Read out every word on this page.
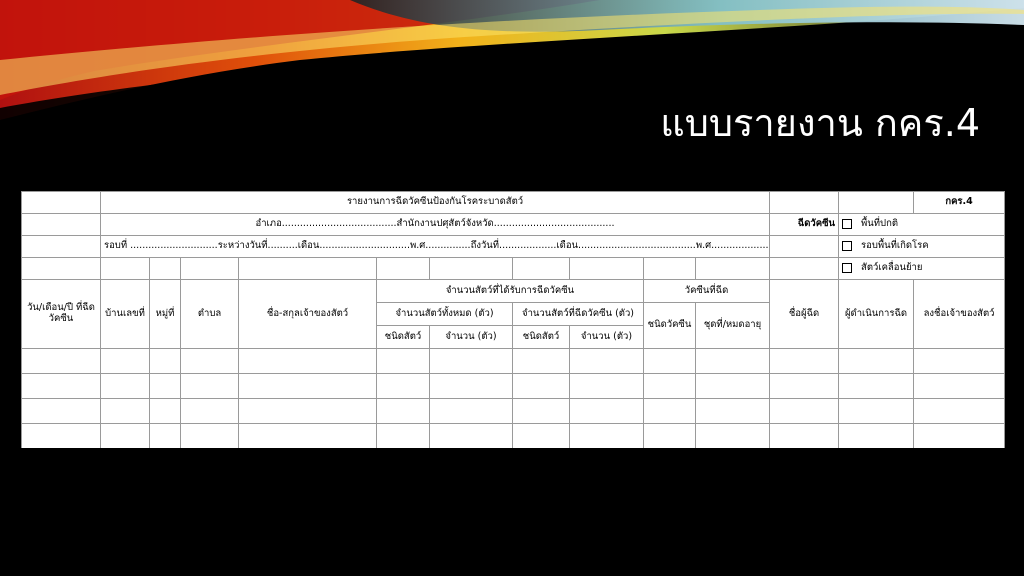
แบบรายงาน กคร.4
	รายงานการฉีดวัคซีนป้องกันโรคระบาดสัตว์												กคร.4
	อำเภอ......................................สำนักงานปศุสัตว์จังหวัด........................................										ฉีดวัคซีน	พื้นที่ปกติ	

	รอบที่ .............................ระหว่างวันที่..........เดือน..............................พ.ศ...............ถึงวันที่...................เดือน.......................................พ.ศ...................											รอบพื้นที่เกิดโรค	

												สัตว์เคลื่อนย้าย	

วัน/เดือน/ปี ที่ฉีดวัคซีน	บ้านเลขที่	หมู่ที่	ตำบล	ชื่อ-สกุลเจ้าของสัตว์	จำนวนสัตว์ที่ได้รับการฉีดวัคซีน				วัคซีนที่ฉีด		ชื่อผู้ฉีด	ผู้ดำเนินการฉีด	ลงชื่อเจ้าของสัตว์
					จำนวนสัตว์ทั้งหมด (ตัว)		จำนวนสัตว์ที่ฉีดวัคซีน (ตัว)		ชนิดวัคซีน	ชุดที่/หมดอายุ			
					ชนิดสัตว์	จำนวน (ตัว)	ชนิดสัตว์	จำนวน (ตัว)					
